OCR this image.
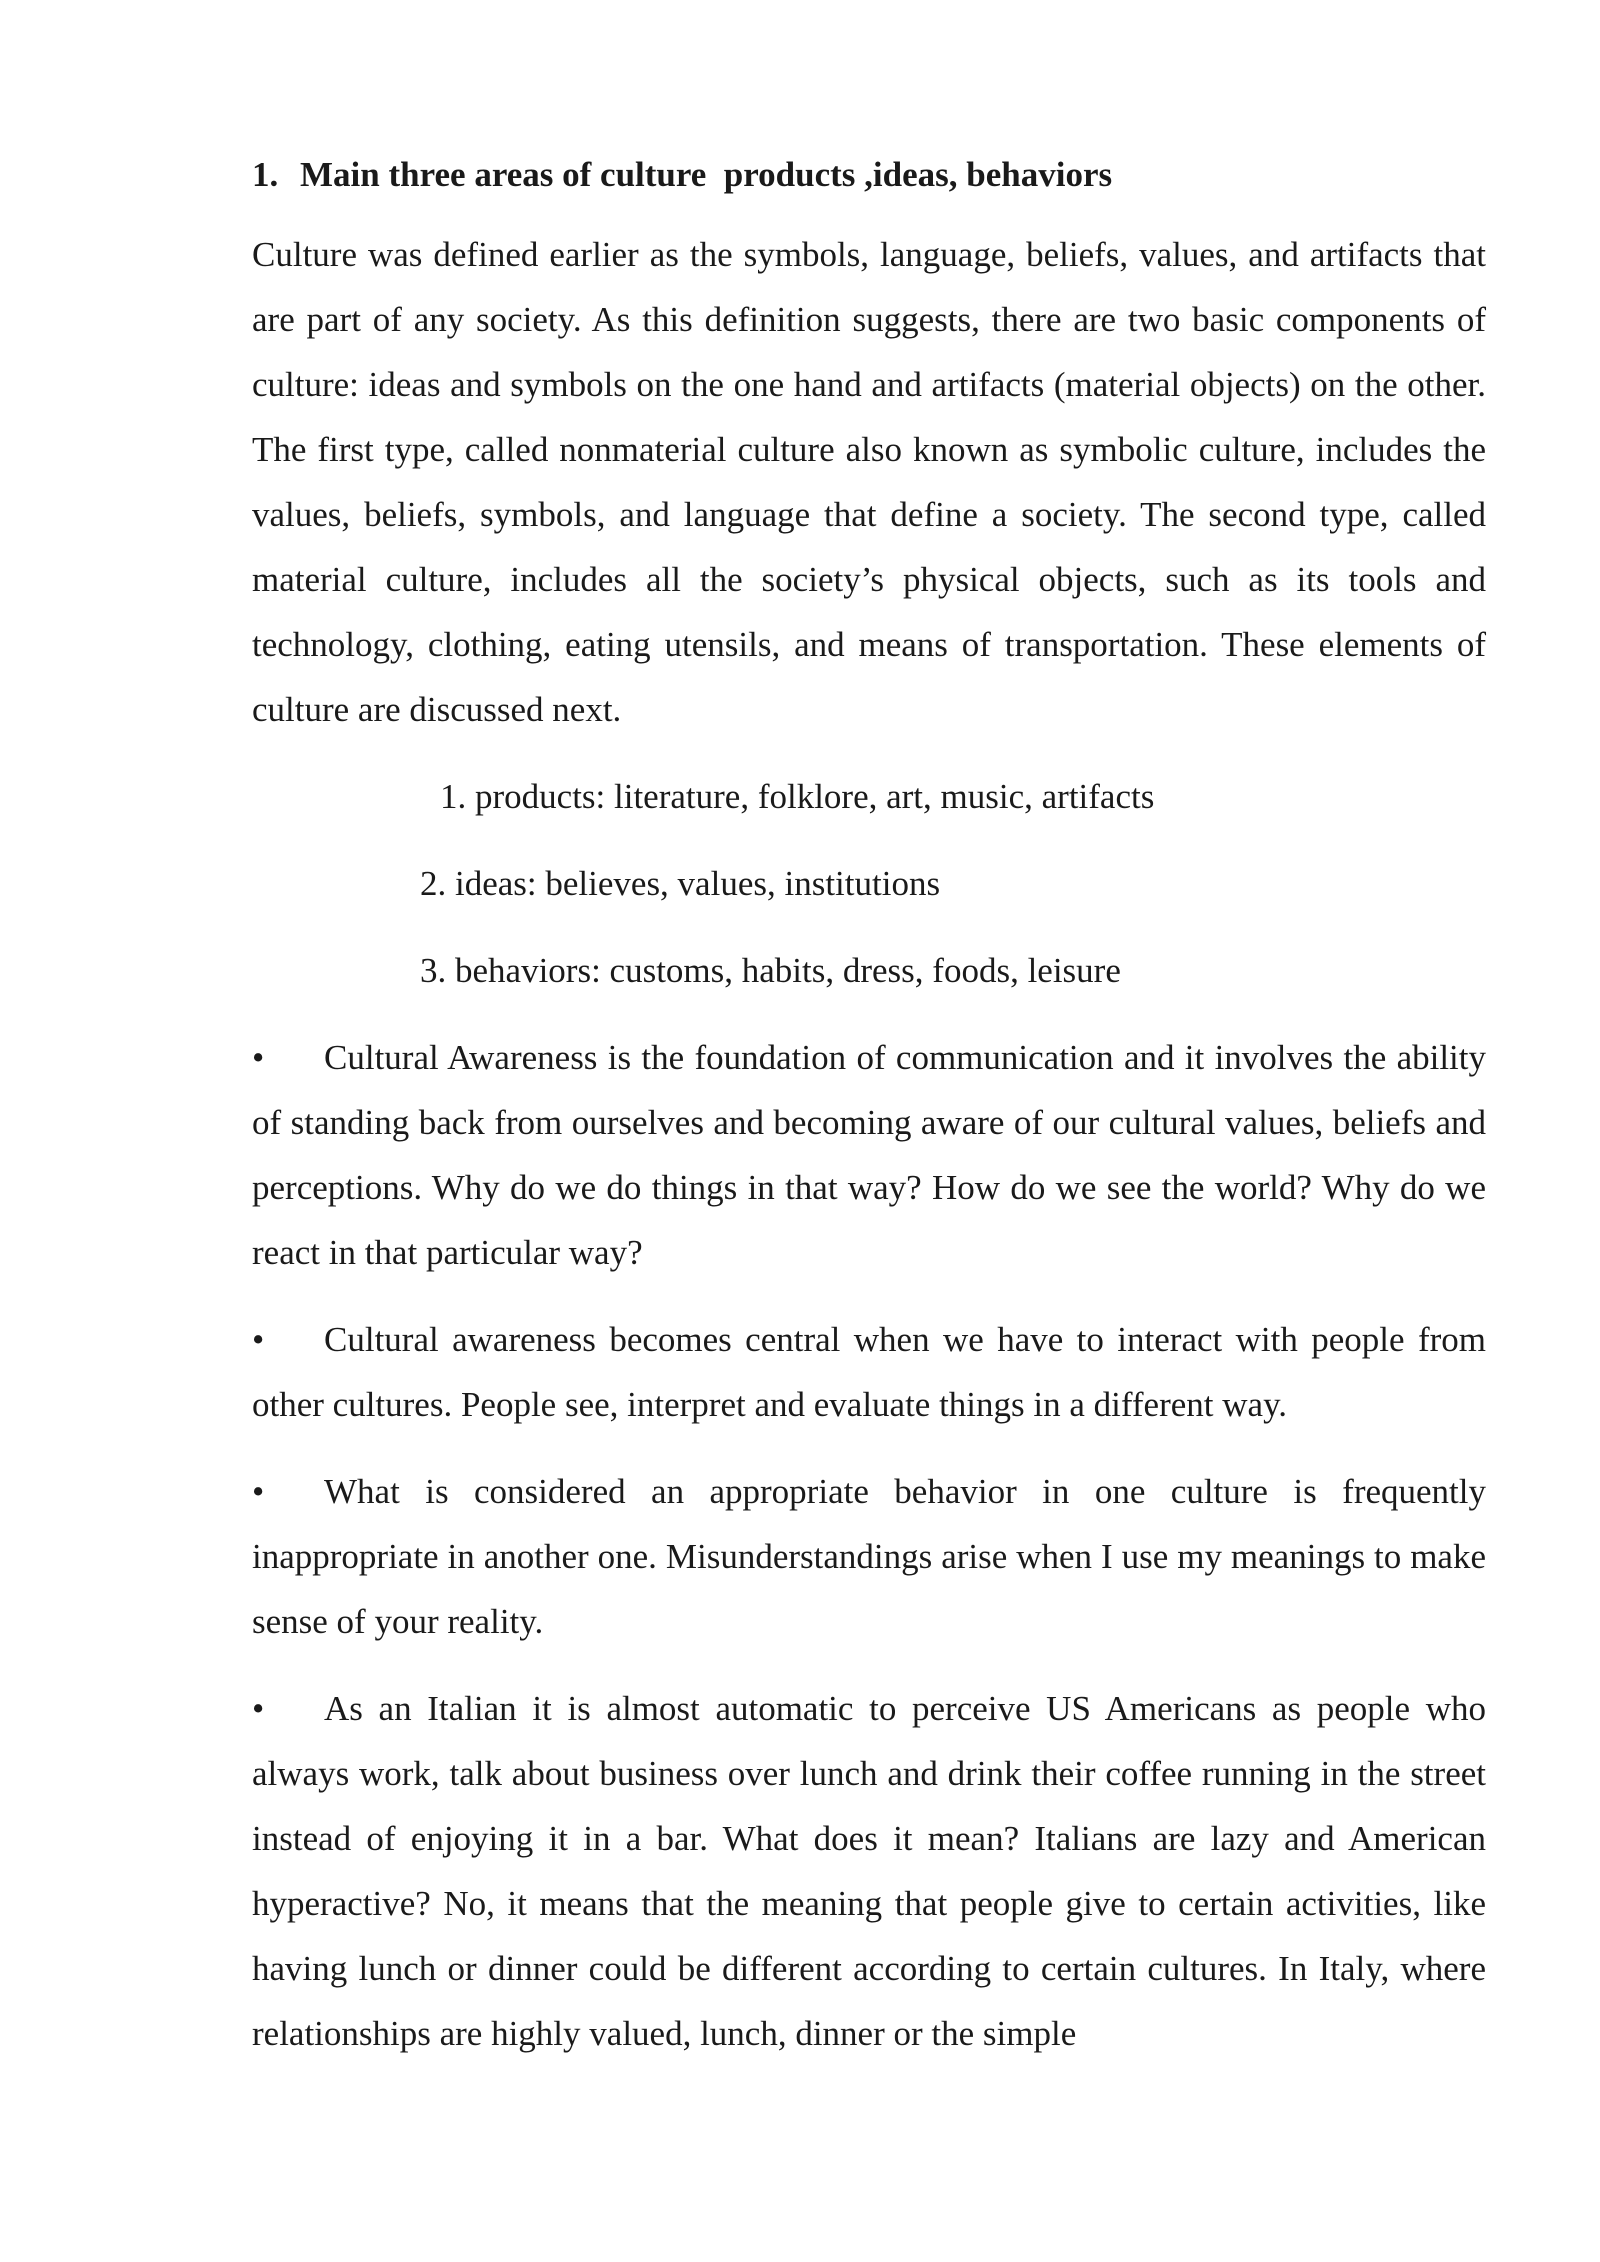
1. Main three areas of culture  products ,ideas, behaviors

Culture was defined earlier as the symbols, language, beliefs, values, and artifacts that are part of any society. As this definition suggests, there are two basic components of culture: ideas and symbols on the one hand and artifacts (material objects) on the other. The first type, called nonmaterial culture also known as symbolic culture, includes the values, beliefs, symbols, and language that define a society. The second type, called material culture, includes all the society’s physical objects, such as its tools and technology, clothing, eating utensils, and means of transportation. These elements of culture are discussed next.

1. products: literature, folklore, art, music, artifacts
2. ideas: believes, values, institutions
3. behaviors: customs, habits, dress, foods, leisure

• Cultural Awareness is the foundation of communication and it involves the ability of standing back from ourselves and becoming aware of our cultural values, beliefs and perceptions. Why do we do things in that way? How do we see the world? Why do we react in that particular way?

• Cultural awareness becomes central when we have to interact with people from other cultures. People see, interpret and evaluate things in a different way.

• What is considered an appropriate behavior in one culture is frequently inappropriate in another one. Misunderstandings arise when I use my meanings to make sense of your reality.

• As an Italian it is almost automatic to perceive US Americans as people who always work, talk about business over lunch and drink their coffee running in the street instead of enjoying it in a bar. What does it mean? Italians are lazy and American hyperactive? No, it means that the meaning that people give to certain activities, like having lunch or dinner could be different according to certain cultures. In Italy, where relationships are highly valued, lunch, dinner or the simple
